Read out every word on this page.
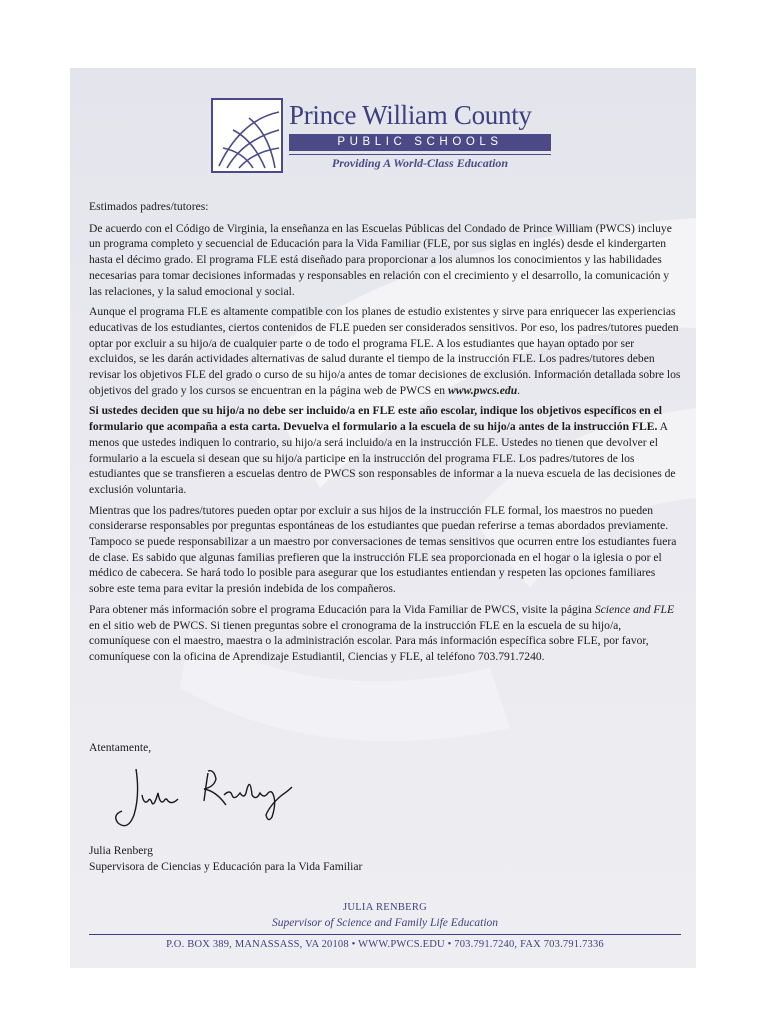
Prince William County
PUBLIC SCHOOLS
Providing A World-Class Education

Estimados padres/tutores:

De acuerdo con el Código de Virginia, la enseñanza en las Escuelas Públicas del Condado de Prince William (PWCS) incluye un programa completo y secuencial de Educación para la Vida Familiar (FLE, por sus siglas en inglés) desde el kindergarten hasta el décimo grado. El programa FLE está diseñado para proporcionar a los alumnos los conocimientos y las habilidades necesarias para tomar decisiones informadas y responsables en relación con el crecimiento y el desarrollo, la comunicación y las relaciones, y la salud emocional y social.

Aunque el programa FLE es altamente compatible con los planes de estudio existentes y sirve para enriquecer las experiencias educativas de los estudiantes, ciertos contenidos de FLE pueden ser considerados sensitivos. Por eso, los padres/tutores pueden optar por excluir a su hijo/a de cualquier parte o de todo el programa FLE. A los estudiantes que hayan optado por ser excluidos, se les darán actividades alternativas de salud durante el tiempo de la instrucción FLE. Los padres/tutores deben revisar los objetivos FLE del grado o curso de su hijo/a antes de tomar decisiones de exclusión. Información detallada sobre los objetivos del grado y los cursos se encuentran en la página web de PWCS en www.pwcs.edu.

Si ustedes deciden que su hijo/a no debe ser incluido/a en FLE este año escolar, indique los objetivos específicos en el formulario que acompaña a esta carta. Devuelva el formulario a la escuela de su hijo/a antes de la instrucción FLE. A menos que ustedes indiquen lo contrario, su hijo/a será incluido/a en la instrucción FLE. Ustedes no tienen que devolver el formulario a la escuela si desean que su hijo/a participe en la instrucción del programa FLE. Los padres/tutores de los estudiantes que se transfieren a escuelas dentro de PWCS son responsables de informar a la nueva escuela de las decisiones de exclusión voluntaria.

Mientras que los padres/tutores pueden optar por excluir a sus hijos de la instrucción FLE formal, los maestros no pueden considerarse responsables por preguntas espontáneas de los estudiantes que puedan referirse a temas abordados previamente. Tampoco se puede responsabilizar a un maestro por conversaciones de temas sensitivos que ocurren entre los estudiantes fuera de clase. Es sabido que algunas familias prefieren que la instrucción FLE sea proporcionada en el hogar o la iglesia o por el médico de cabecera. Se hará todo lo posible para asegurar que los estudiantes entiendan y respeten las opciones familiares sobre este tema para evitar la presión indebida de los compañeros.

Para obtener más información sobre el programa Educación para la Vida Familiar de PWCS, visite la página Science and FLE en el sitio web de PWCS. Si tienen preguntas sobre el cronograma de la instrucción FLE en la escuela de su hijo/a, comuníquese con el maestro, maestra o la administración escolar. Para más información específica sobre FLE, por favor, comuníquese con la oficina de Aprendizaje Estudiantil, Ciencias y FLE, al teléfono 703.791.7240.

Atentamente,
Julia Renberg
Supervisora de Ciencias y Educación para la Vida Familiar
JULIA RENBERG
Supervisor of Science and Family Life Education
P.O. BOX 389, MANASSASS, VA 20108 • WWW.PWCS.EDU • 703.791.7240, FAX 703.791.7336
